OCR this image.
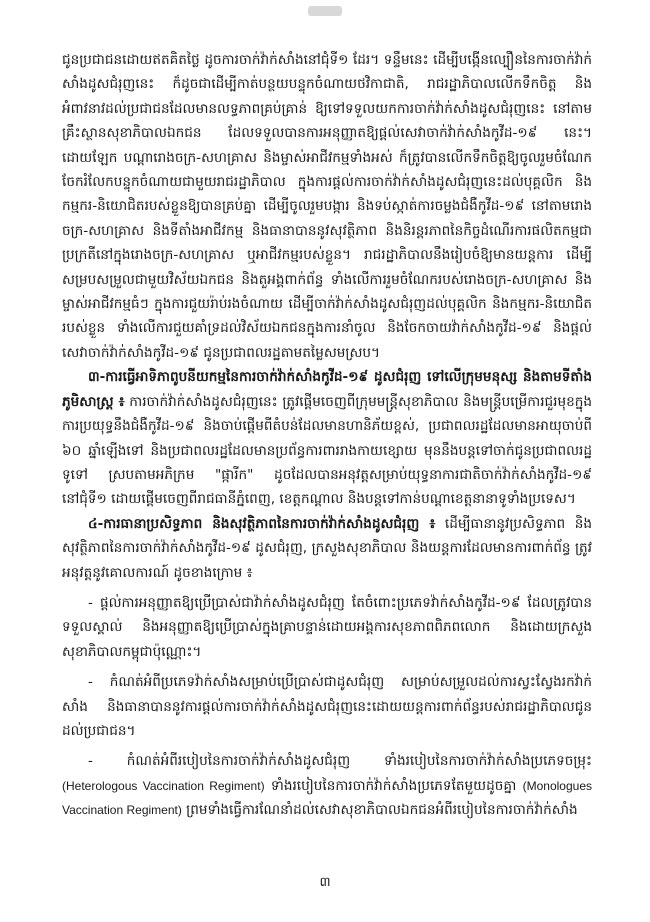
ជូនប្រជាជនដោយឥតគិតថ្លៃ ដូចការចាក់វ៉ាក់សាំងនៅជុំទី១ ដែរ។ ទន្ទឹមនេះ ដើម្បីបង្កើនល្បឿននៃការចាក់វ៉ាក់សាំងដូសជំរុញនេះ ក៏ដូចជាដើម្បីកាត់បន្ថយបន្ទុកចំណាយថវិកាជាតិ, រាជរដ្ឋាភិបាលលើកទឹកចិត្ត និងអំពាវនាវដល់ប្រជាជនដែលមានលទ្ធភាពគ្រប់គ្រាន់ ឱ្យទៅទទួលយកការចាក់វ៉ាក់សាំងដូសជំរុញនេះ នៅតាមគ្រឹះស្ថានសុខាភិបាលឯកជន ដែលទទួលបានការអនុញ្ញាតឱ្យផ្តល់សេវាចាក់វ៉ាក់សាំងកូវីដ-១៩ នេះ។ ដោយឡែក បណ្តារោងចក្រ-សហគ្រាស និងម្ចាស់អាជីវកម្មទាំងអស់ ក៏ត្រូវបានលើកទឹកចិត្តឱ្យចូលរួមចំណែកចែករំលែកបន្ទុកចំណាយជាមួយរាជរដ្ឋាភិបាល ក្នុងការផ្តល់ការចាក់វ៉ាក់សាំងដូសជំរុញនេះដល់បុគ្គលិក និងកម្មករ-និយោជិតរបស់ខ្លួនឱ្យបានគ្រប់គ្នា ដើម្បីចូលរួមបង្ការ និងទប់ស្កាត់ការចម្លងជំងឺកូវីដ-១៩ នៅតាមរោងចក្រ-សហគ្រាស និងទីតាំងអាជីវកម្ម និងធានាបាននូវសុវត្ថិភាព និងនិរន្តរភាពនៃកិច្ចដំណើរការផលិតកម្មជាប្រក្រតីនៅក្នុងរោងចក្រ-សហគ្រាស ឬអាជីវកម្មរបស់ខ្លួន។ រាជរដ្ឋាភិបាលនឹងរៀបចំឱ្យមានយន្តការ ដើម្បីសម្របសម្រួលជាមួយវិស័យឯកជន និងតួអង្គពាក់ព័ន្ធ ទាំងលើការរួមចំណែករបស់រោងចក្រ-សហគ្រាស និងម្ចាស់អាជីវកម្មធំៗ ក្នុងការជួយរ៉ាប់រងចំណាយ ដើម្បីចាក់វ៉ាក់សាំងដូសជំរុញដល់បុគ្គលិក និងកម្មករ-និយោជិតរបស់ខ្លួន ទាំងលើការជួយគាំទ្រដល់វិស័យឯកជនក្នុងការនាំចូល និងចែកចាយវ៉ាក់សាំងកូវីដ-១៩ និងផ្តល់សេវាចាក់វ៉ាក់សាំងកូវីដ-១៩ ជូនប្រជាពលរដ្ឋតាមតម្លៃសមស្រប។

៣-ការធ្វើអាទិភាពូបនីយកម្មនៃការចាក់វ៉ាក់សាំងកូវីដ-១៩ ដូសជំរុញ ទៅលើក្រុមមនុស្ស និងតាមទីតាំងភូមិសាស្ត្រ ៖ ការចាក់វ៉ាក់សាំងដូសជំរុញនេះ ត្រូវផ្តើមចេញពីក្រុមមន្ត្រីសុខាភិបាល និងមន្ត្រីបម្រើការជួរមុខក្នុងការប្រយុទ្ធនឹងជំងឺកូវីដ-១៩ និងចាប់ផ្តើមពីតំបន់ដែលមានហានិភ័យខ្ពស់, ប្រជាពលរដ្ឋដែលមានអាយុចាប់ពី ៦០ ឆ្នាំឡើងទៅ និងប្រជាពលរដ្ឋដែលមានប្រព័ន្ធការពាររាងកាយខ្សោយ មុននឹងបន្តទៅចាក់ជូនប្រជាពលរដ្ឋទូទៅ ស្របតាមអភិក្រម "ផ្ការីក" ដូចដែលបានអនុវត្តសម្រាប់យុទ្ធនាការជាតិចាក់វ៉ាក់សាំងកូវីដ-១៩ នៅជុំទី១ ដោយផ្តើមចេញពីរាជធានីភ្នំពេញ, ខេត្តកណ្តាល និងបន្តទៅកាន់បណ្តាខេត្តនានាទូទាំងប្រទេស។

៤-ការធានាប្រសិទ្ធភាព និងសុវត្ថិភាពនៃការចាក់វ៉ាក់សាំងដូសជំរុញ ៖ ដើម្បីធានានូវប្រសិទ្ធភាព និងសុវត្ថិភាពនៃការចាក់វ៉ាក់សាំងកូវីដ-១៩ ដូសជំរុញ, ក្រសួងសុខាភិបាល និងយន្តការដែលមានការពាក់ព័ន្ធ ត្រូវអនុវត្តនូវគោលការណ៍ ដូចខាងក្រោម ៖

- ផ្តល់ការអនុញ្ញាតឱ្យប្រើប្រាស់ជាវ៉ាក់សាំងដូសជំរុញ តែចំពោះប្រភេទវ៉ាក់សាំងកូវីដ-១៩ ដែលត្រូវបានទទួលស្គាល់ និងអនុញ្ញាតឱ្យប្រើប្រាស់ក្នុងគ្រាបន្ទាន់ដោយអង្គការសុខភាពពិភពលោក និងដោយក្រសួងសុខាភិបាលកម្ពុជាប៉ុណ្ណោះ។

- កំណត់អំពីប្រភេទវ៉ាក់សាំងសម្រាប់ប្រើប្រាស់ជាដូសជំរុញ សម្រាប់សម្រួលដល់ការស្វះស្វែងរកវ៉ាក់សាំង និងធានាបាននូវការផ្តល់ការចាក់វ៉ាក់សាំងដូសជំរុញនេះដោយយន្តការពាក់ព័ន្ធរបស់រាជរដ្ឋាភិបាលជូនដល់ប្រជាជន។

- កំណត់អំពីរបៀបនៃការចាក់វ៉ាក់សាំងដូសជំរុញ ទាំងរបៀបនៃការចាក់វ៉ាក់សាំងប្រភេទចម្រុះ (Heterologous Vaccination Regiment) ទាំងរបៀបនៃការចាក់វ៉ាក់សាំងប្រភេទតែមួយដូចគ្នា (Monologues Vaccination Regiment) ព្រមទាំងធ្វើការណែនាំដល់សេវាសុខាភិបាលឯកជនអំពីរបៀបនៃការចាក់វ៉ាក់សាំង

៣
